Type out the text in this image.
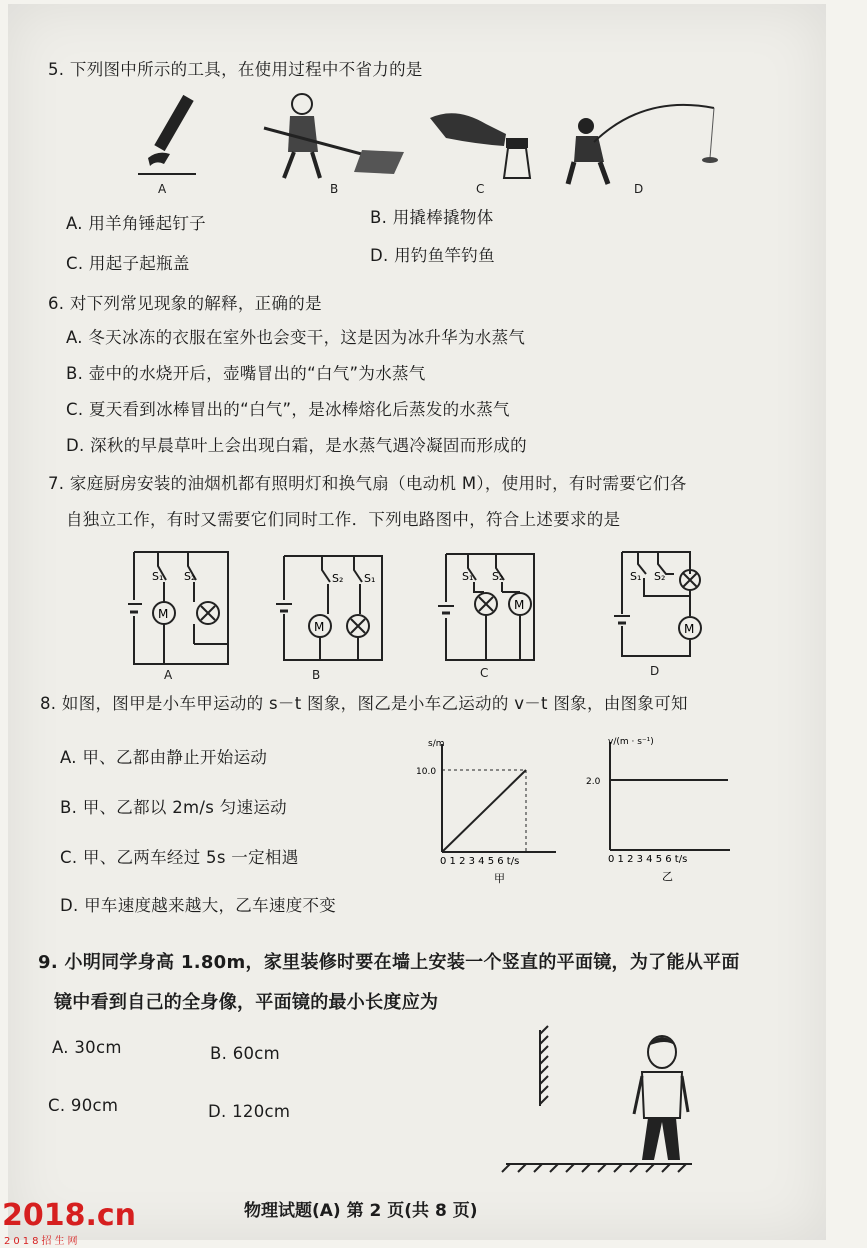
5. 下列图中所示的工具，在使用过程中不省力的是
A	B	C	D
A. 用羊角锤起钉子	B. 用撬棒撬物体
C. 用起子起瓶盖	D. 用钓鱼竿钓鱼
6. 对下列常见现象的解释，正确的是
A. 冬天冰冻的衣服在室外也会变干，这是因为冰升华为水蒸气
B. 壶中的水烧开后，壶嘴冒出的“白气”为水蒸气
C. 夏天看到冰棒冒出的“白气”，是冰棒熔化后蒸发的水蒸气
D. 深秋的早晨草叶上会出现白霜，是水蒸气遇冷凝固而形成的
7. 家庭厨房安装的油烟机都有照明灯和换气扇（电动机 M），使用时，有时需要它们各
自独立工作，有时又需要它们同时工作．下列电路图中，符合上述要求的是
M
S₁ S₂
A
M
S₂ S₁
B
M
S₁ S₂
C
M
S₁ S₂
D
8. 如图，图甲是小车甲运动的 s－t 图象，图乙是小车乙运动的 v－t 图象，由图象可知
A. 甲、乙都由静止开始运动
B. 甲、乙都以 2m/s 匀速运动
C. 甲、乙两车经过 5s 一定相遇
D. 甲车速度越来越大，乙车速度不变
s/m
10.0
0 1 2 3 4 5 6 t/s
甲
v/(m · s⁻¹)
2.0
0 1 2 3 4 5 6 t/s
乙
9. 小明同学身高 1.80m，家里装修时要在墙上安装一个竖直的平面镜，为了能从平面
镜中看到自己的全身像，平面镜的最小长度应为
A. 30cm	B. 60cm
C. 90cm	D. 120cm
物理试题(A) 第 2 页(共 8 页)
2018.cn
2018招生网
